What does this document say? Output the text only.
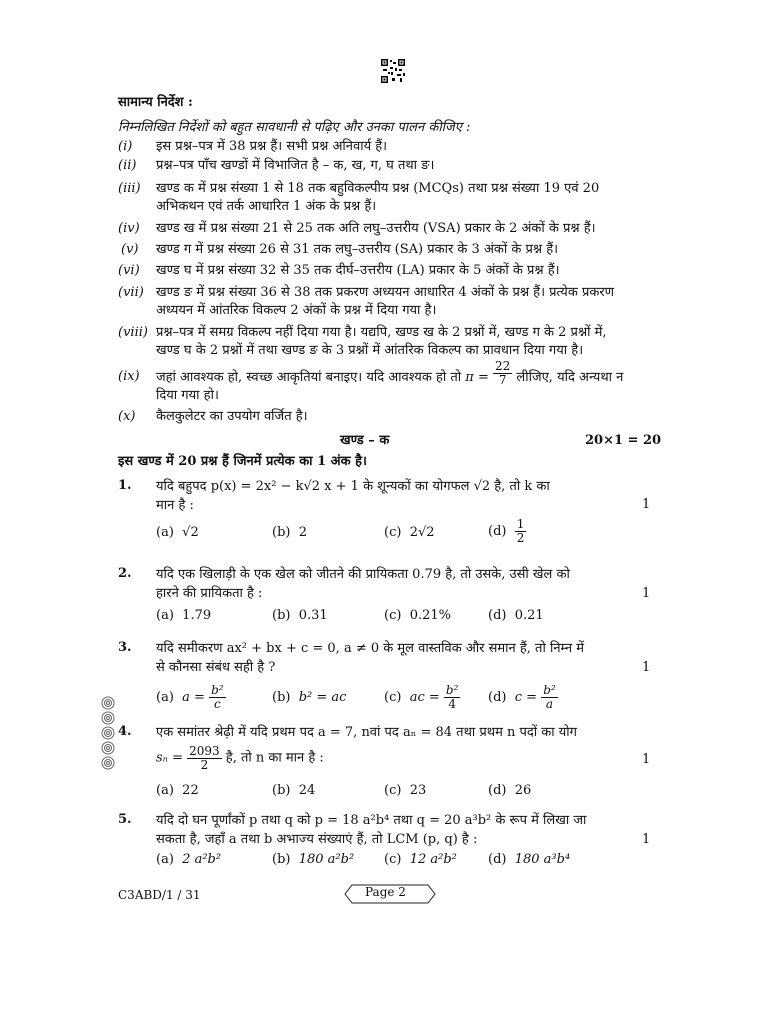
सामान्य निर्देश :
निम्नलिखित निर्देशों को बहुत सावधानी से पढ़िए और उनका पालन कीजिए :
(i) इस प्रश्न–पत्र में 38 प्रश्न हैं। सभी प्रश्न अनिवार्य हैं।
(ii) प्रश्न–पत्र पाँच खण्डों में विभाजित है – क, ख, ग, घ तथा ङ।
(iii) खण्ड क में प्रश्न संख्या 1 से 18 तक बहुविकल्पीय प्रश्न (MCQs) तथा प्रश्न संख्या 19 एवं 20
अभिकथन एवं तर्क आधारित 1 अंक के प्रश्न हैं।
(iv) खण्ड ख में प्रश्न संख्या 21 से 25 तक अति लघु–उत्तरीय (VSA) प्रकार के 2 अंकों के प्रश्न हैं।
(v) खण्ड ग में प्रश्न संख्या 26 से 31 तक लघु–उत्तरीय (SA) प्रकार के 3 अंकों के प्रश्न हैं।
(vi) खण्ड घ में प्रश्न संख्या 32 से 35 तक दीर्घ–उत्तरीय (LA) प्रकार के 5 अंकों के प्रश्न हैं।
(vii) खण्ड ङ में प्रश्न संख्या 36 से 38 तक प्रकरण अध्ययन आधारित 4 अंकों के प्रश्न हैं। प्रत्येक प्रकरण
अध्ययन में आंतरिक विकल्प 2 अंकों के प्रश्न में दिया गया है।
(viii) प्रश्न–पत्र में समग्र विकल्प नहीं दिया गया है। यद्यपि, खण्ड ख के 2 प्रश्नों में, खण्ड ग के 2 प्रश्नों में,
खण्ड घ के 2 प्रश्नों में तथा खण्ड ङ के 3 प्रश्नों में आंतरिक विकल्प का प्रावधान दिया गया है।
(ix) जहां आवश्यक हो, स्वच्छ आकृतियां बनाइए। यदि आवश्यक हो तो $\pi = \frac{22}{7}$ लीजिए, यदि अन्यथा न
दिया गया हो।
(x) कैलकुलेटर का उपयोग वर्जित है।
खण्ड – क	20×1 = 20
इस खण्ड में 20 प्रश्न हैं जिनमें प्रत्येक का 1 अंक है।
1. यदि बहुपद p(x) = 2x² − k√2 x + 1 के शून्यकों का योगफल √2 है, तो k का
मान है :	1
(a) √2	(b) 2	(c) 2√2	$(d) \frac{1}{2}$
2. यदि एक खिलाड़ी के एक खेल को जीतने की प्रायिकता 0.79 है, तो उसके, उसी खेल को
हारने की प्रायिकता है :	1
(a) 1.79	(b) 0.31	(c) 0.21%	(d) 0.21
3. यदि समीकरण ax² + bx + c = 0, a ≠ 0 के मूल वास्तविक और समान हैं, तो निम्न में
से कौनसा संबंध सही है ?	1
(a) $a = \frac{\text{b²}}{c}$	(b) b² = ac	(c) ac = $\frac{\text{b²}}{4} (d) c = \frac{\text{b²}}{a}$
4. एक समांतर श्रेढ़ी में यदि प्रथम पद a = 7, nवां पद aₙ = 84 तथा प्रथम n पदों का योग
$s_n = \frac{2093}{2}$ है, तो n का मान है :	1
(a) 22	(b) 24	(c) 23	(d) 26
5. यदि दो घन पूर्णांकों p तथा q को p = 18 a²b⁴ तथा q = 20 a³b² के रूप में लिखा जा
सकता है, जहाँ a तथा b अभाज्य संख्याएं हैं, तो LCM (p, q) है :	1
(a) 2 a²b²	(b) 180 a²b² (c) 12 a²b² (d) 180 a³b⁴
C3ABD/1 / 31	Page 2
